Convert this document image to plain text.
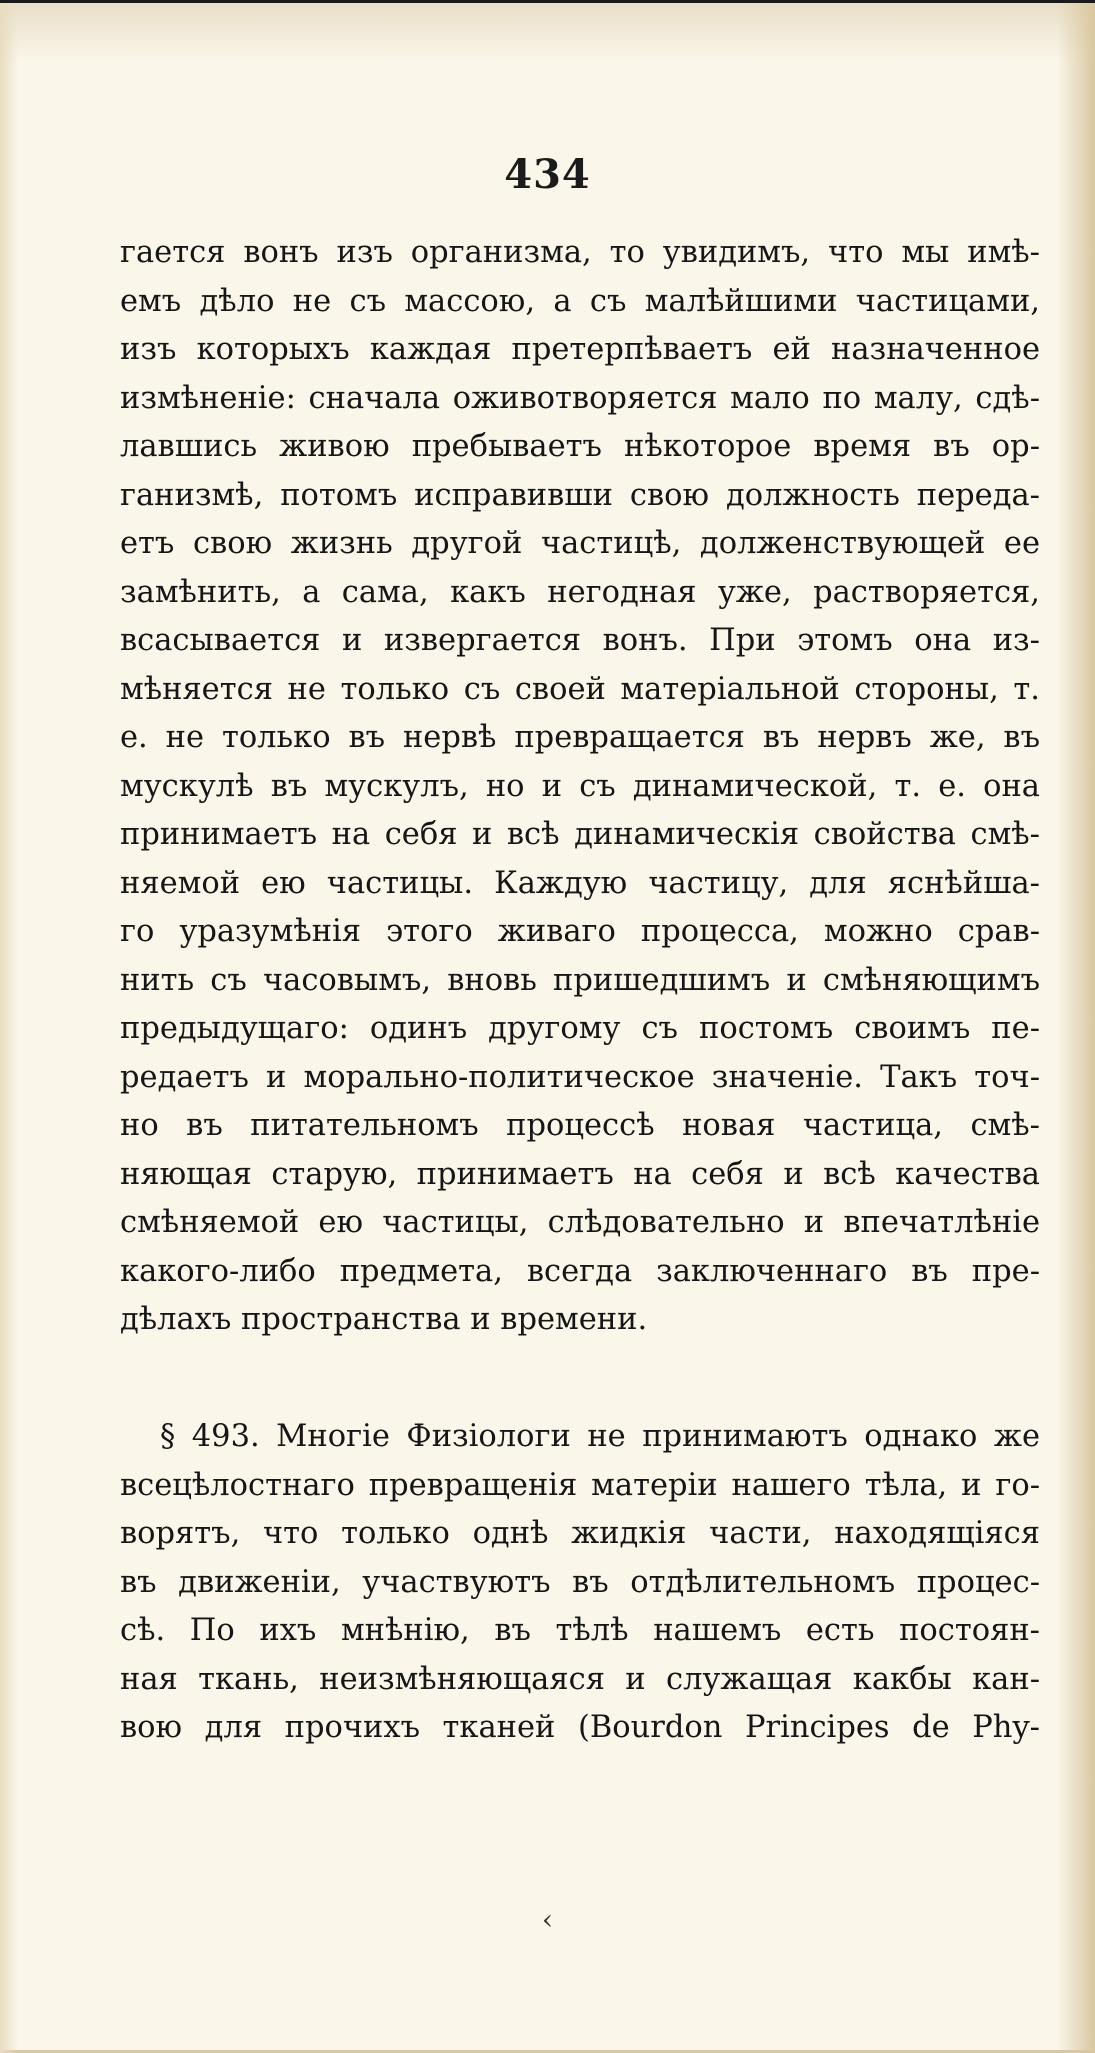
434
гается вонъ изъ организма, то увидимъ, что мы имѣ-
емъ дѣло не съ массою, а съ малѣйшими частицами,
изъ которыхъ каждая претерпѣваетъ ей назначенное
измѣненіе: сначала оживотворяется мало по малу, сдѣ-
лавшись живою пребываетъ нѣкоторое время въ ор-
ганизмѣ, потомъ исправивши свою должность переда-
етъ свою жизнь другой частицѣ, долженствующей ее
замѣнить, а сама, какъ негодная уже, растворяется,
всасывается и извергается вонъ. При этомъ она из-
мѣняется не только съ своей матеріальной стороны, т.
е. не только въ нервѣ превращается въ нервъ же, въ
мускулѣ въ мускулъ, но и съ динамической, т. е. она
принимаетъ на себя и всѣ динамическія свойства смѣ-
няемой ею частицы. Каждую частицу, для яснѣйша-
го уразумѣнія этого живаго процесса, можно срав-
нить съ часовымъ, вновь пришедшимъ и смѣняющимъ
предыдущаго: одинъ другому съ постомъ своимъ пе-
редаетъ и морально-политическое значеніе. Такъ точ-
но въ питательномъ процессѣ новая частица, смѣ-
няющая старую, принимаетъ на себя и всѣ качества
смѣняемой ею частицы, слѣдовательно и впечатлѣніе
какого-либо предмета, всегда заключеннаго въ пре-
дѣлахъ пространства и времени.
§ 493. Многіе Физіологи не принимаютъ однако же
всецѣлостнаго превращенія матеріи нашего тѣла, и го-
ворятъ, что только однѣ жидкія части, находящіяся
въ движеніи, участвуютъ въ отдѣлительномъ процес-
сѣ. По ихъ мнѣнію, въ тѣлѣ нашемъ есть постоян-
ная ткань, неизмѣняющаяся и служащая какбы кан-
вою для прочихъ тканей (Bourdon Principes de Phy-
‹
